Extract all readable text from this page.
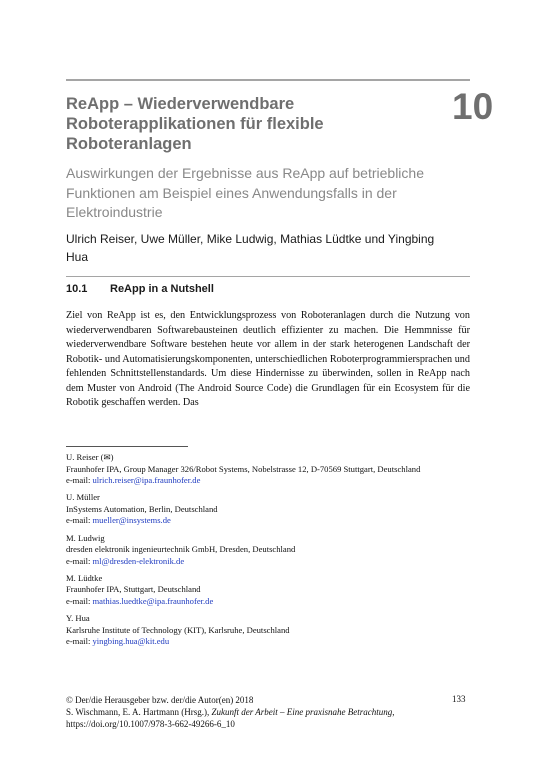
10
ReApp – Wiederverwendbare Roboterapplikationen für flexible Roboteranlagen
Auswirkungen der Ergebnisse aus ReApp auf betriebliche Funktionen am Beispiel eines Anwendungsfalls in der Elektroindustrie
Ulrich Reiser, Uwe Müller, Mike Ludwig, Mathias Lüdtke und Yingbing Hua
10.1 ReApp in a Nutshell
Ziel von ReApp ist es, den Entwicklungsprozess von Roboteranlagen durch die Nutzung von wiederverwendbaren Softwarebausteinen deutlich effizienter zu machen. Die Hemmnisse für wiederverwendbare Software bestehen heute vor allem in der stark heterogenen Landschaft der Robotik- und Automatisierungskomponenten, unterschiedlichen Roboterprogrammiersprachen und fehlenden Schnittstellenstandards. Um diese Hindernisse zu überwinden, sollen in ReApp nach dem Muster von Android (The Android Source Code) die Grundlagen für ein Ecosystem für die Robotik geschaffen werden. Das
U. Reiser (✉)
Fraunhofer IPA, Group Manager 326/Robot Systems, Nobelstrasse 12, D-70569 Stuttgart, Deutschland
e-mail: ulrich.reiser@ipa.fraunhofer.de
U. Müller
InSystems Automation, Berlin, Deutschland
e-mail: mueller@insystems.de
M. Ludwig
dresden elektronik ingenieurtechnik GmbH, Dresden, Deutschland
e-mail: ml@dresden-elektronik.de
M. Lüdtke
Fraunhofer IPA, Stuttgart, Deutschland
e-mail: mathias.luedtke@ipa.fraunhofer.de
Y. Hua
Karlsruhe Institute of Technology (KIT), Karlsruhe, Deutschland
e-mail: yingbing.hua@kit.edu
© Der/die Herausgeber bzw. der/die Autor(en) 2018
S. Wischmann, E. A. Hartmann (Hrsg.), Zukunft der Arbeit – Eine praxisnahe Betrachtung,
https://doi.org/10.1007/978-3-662-49266-6_10
133
